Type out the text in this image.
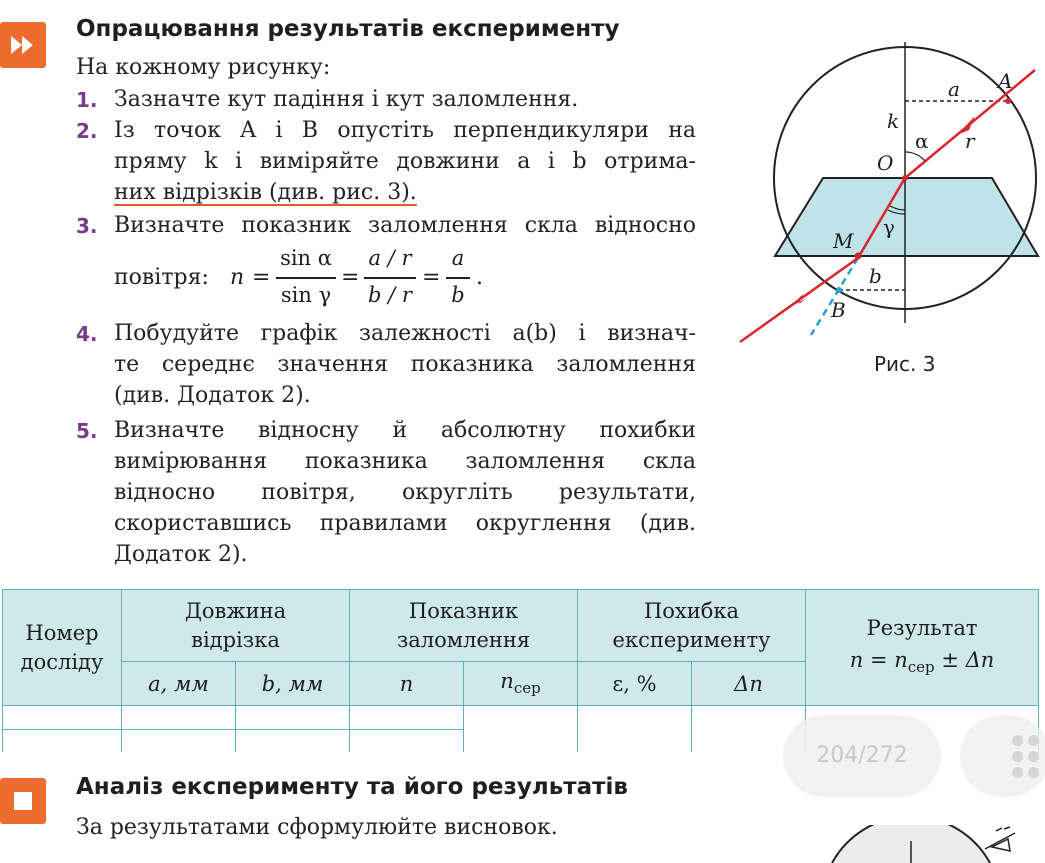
Опрацювання результатів експерименту
На кожному рисунку:
1. Зазначте кут падіння і кут заломлення.
2. Із точок A і B опустіть перпендикуляри на
пряму k і виміряйте довжини a і b отрима-
них відрізків (див. рис. 3).
3. Визначте показник заломлення скла відносно
повітря: n =
sin α
sin γ
=
a / r
b / r
=
a
b
.
4. Побудуйте графік залежності a(b) і визнач-
те середнє значення показника заломлення
(див. Додаток 2).
5. Визначте відносну й абсолютну похибки
вимірювання показника заломлення скла
відносно повітря, округліть результати,
скориставшись правилами округлення (див.
Додаток 2).
A
a
k
α r
O
γ
M
b
B
Рис. 3
Номер досліду	Довжина відрізка		Показник заломлення		Похибка експерименту		Результат
$n = n_{сер} \pm \Delta n$

	a, мм	b, мм	n	$n_{сер}$	ε, %	Δn	

204/272
Аналіз експерименту та його результатів
За результатами сформулюйте висновок.
